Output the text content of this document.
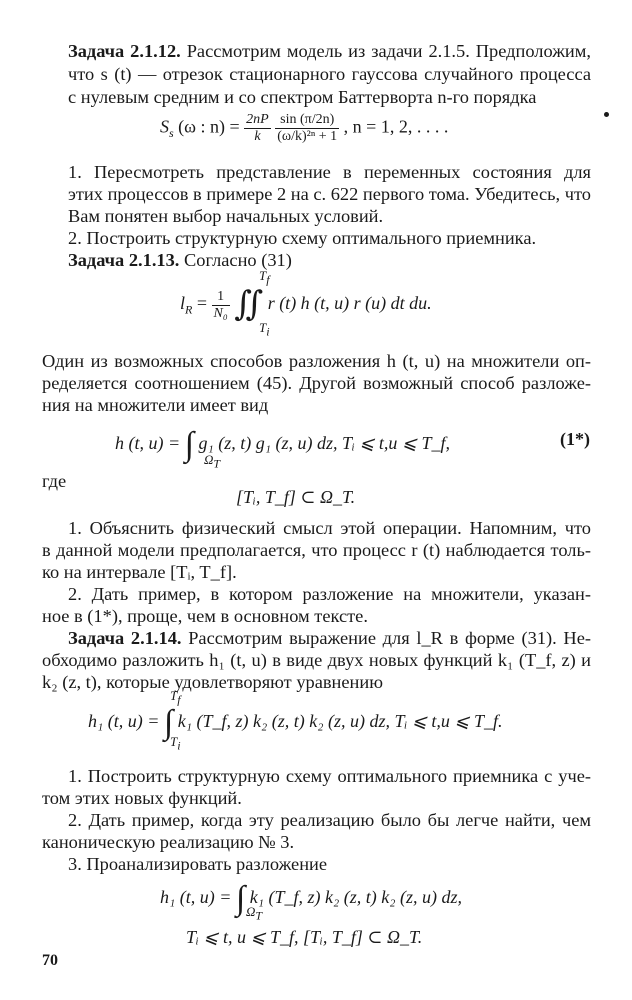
Задача 2.1.12. Рассмотрим модель из задачи 2.1.5. Предположим,
что s (t) — отрезок стационарного гауссова случайного процесса
с нулевым средним и со спектром Баттерворта n-го порядка
$S_s$ (ω : $n) = \frac{2nP}{k}$
$\frac{\sin (\pi/2n)}{\text{(ω/k)²ⁿ + 1}}$ , n = 1, 2, . . . .
1. Пересмотреть представление в переменных состояния для
этих процессов в примере 2 на с. 622 первого тома. Убедитесь, что
Вам понятен выбор начальных условий.
2. Построить структурную схему оптимального приемника.
Задача 2.1.13. Согласно (31)
$l_R = \frac{1}{\text{N₀}}$ ∬ r (t) h (t, u) r (u) dt du.
$T_f$
$T_i$
Один из возможных способов разложения h (t, u) на множители оп-
ределяется соотношением (45). Другой возможный способ разложе-
ния на множители имеет вид
h (t, u) = ∫ g₁ (z, t) g₁ (z, u) dz, Tᵢ ⩽ t,u ⩽ T_f,
$\Omega_T$
(1*)
где
[Tᵢ, T_f] ⊂ Ω_T.
1. Объяснить физический смысл этой операции. Напомним, что
в данной модели предполагается, что процесс r (t) наблюдается толь-
ко на интервале [Tᵢ, T_f].
2. Дать пример, в котором разложение на множители, указан-
ное в (1*), проще, чем в основном тексте.
Задача 2.1.14. Рассмотрим выражение для l_R в форме (31). Не-
обходимо разложить h₁ (t, u) в виде двух новых функций k₁ (T_f, z) и
k₂ (z, t), которые удовлетворяют уравнению
h₁ (t, u) = ∫ k₁ (T_f, z) k₂ (z, t) k₂ (z, u) dz, Tᵢ ⩽ t,u ⩽ T_f.
$T_f$
$T_i$
1. Построить структурную схему оптимального приемника с уче-
том этих новых функций.
2. Дать пример, когда эту реализацию было бы легче найти, чем
каноническую реализацию № 3.
3. Проанализировать разложение
h₁ (t, u) = ∫ k₁ (T_f, z) k₂ (z, t) k₂ (z, u) dz,
$\Omega_T$
Tᵢ ⩽ t, u ⩽ T_f, [Tᵢ, T_f] ⊂ Ω_T.
70
